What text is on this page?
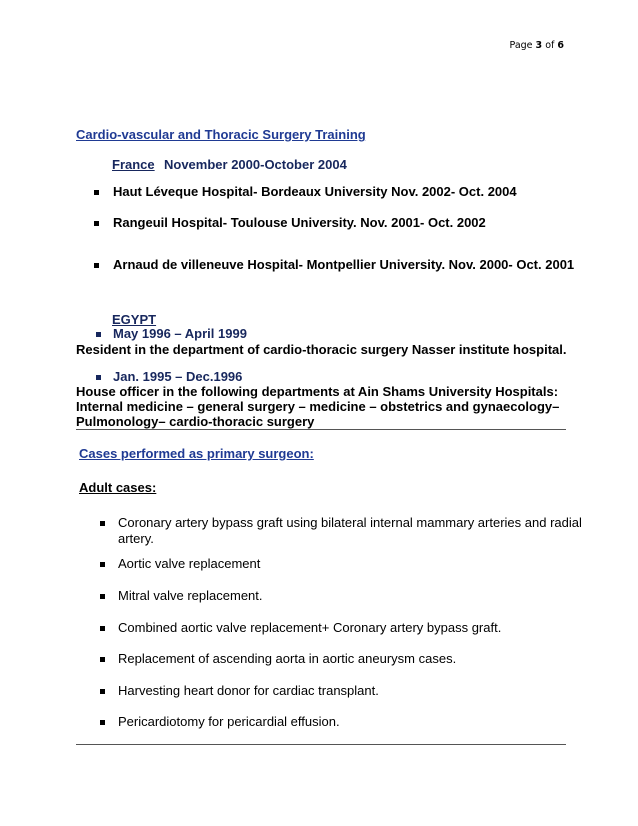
Page 3 of 6
Cardio-vascular and Thoracic Surgery Training
France November 2000-October 2004
Haut Léveque Hospital- Bordeaux University Nov. 2002- Oct. 2004
Rangeuil Hospital- Toulouse University. Nov. 2001- Oct. 2002
Arnaud de villeneuve Hospital- Montpellier University. Nov. 2000- Oct. 2001
EGYPT
May 1996 – April 1999
Resident in the department of cardio-thoracic surgery Nasser institute hospital.
Jan. 1995 – Dec.1996
House officer in the following departments at Ain Shams University Hospitals:
Internal medicine – general surgery – medicine – obstetrics and gynaecology–
Pulmonology– cardio-thoracic surgery
Cases performed as primary surgeon:
Adult cases:
Coronary artery bypass graft using bilateral internal mammary arteries and radial
artery.
Aortic valve replacement
Mitral valve replacement.
Combined aortic valve replacement+ Coronary artery bypass graft.
Replacement of ascending aorta in aortic aneurysm cases.
Harvesting heart donor for cardiac transplant.
Pericardiotomy for pericardial effusion.
